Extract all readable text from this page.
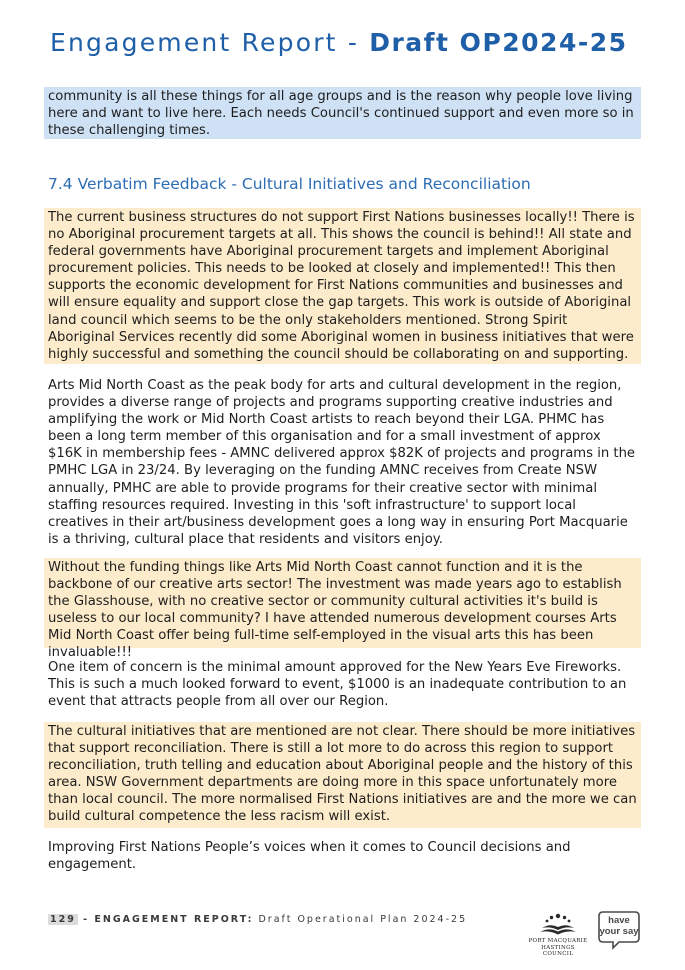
Engagement Report - Draft OP2024-25
community is all these things for all age groups and is the reason why people love living here and want to live here. Each needs Council's continued support and even more so in these challenging times.
7.4 Verbatim Feedback - Cultural Initiatives and Reconciliation
The current business structures do not support First Nations businesses locally!! There is no Aboriginal procurement targets at all. This shows the council is behind!! All state and federal governments have Aboriginal procurement targets and implement Aboriginal procurement policies. This needs to be looked at closely and implemented!! This then supports the economic development for First Nations communities and businesses and will ensure equality and support close the gap targets. This work is outside of Aboriginal land council which seems to be the only stakeholders mentioned. Strong Spirit Aboriginal Services recently did some Aboriginal women in business initiatives that were highly successful and something the council should be collaborating on and supporting.
Arts Mid North Coast as the peak body for arts and cultural development in the region, provides a diverse range of projects and programs supporting creative industries and amplifying the work or Mid North Coast artists to reach beyond their LGA. PHMC has been a long term member of this organisation and for a small investment of approx $16K in membership fees - AMNC delivered approx $82K of projects and programs in the PMHC LGA in 23/24. By leveraging on the funding AMNC receives from Create NSW annually, PMHC are able to provide programs for their creative sector with minimal staffing resources required. Investing in this 'soft infrastructure' to support local creatives in their art/business development goes a long way in ensuring Port Macquarie is a thriving, cultural place that residents and visitors enjoy.
Without the funding things like Arts Mid North Coast cannot function and it is the backbone of our creative arts sector! The investment was made years ago to establish the Glasshouse, with no creative sector or community cultural activities it's build is useless to our local community? I have attended numerous development courses Arts Mid North Coast offer being full-time self-employed in the visual arts this has been invaluable!!!
One item of concern is the minimal amount approved for the New Years Eve Fireworks. This is such a much looked forward to event, $1000 is an inadequate contribution to an event that attracts people from all over our Region.
The cultural initiatives that are mentioned are not clear. There should be more initiatives that support reconciliation. There is still a lot more to do across this region to support reconciliation, truth telling and education about Aboriginal people and the history of this area. NSW Government departments are doing more in this space unfortunately more than local council. The more normalised First Nations initiatives are and the more we can build cultural competence the less racism will exist.
Improving First Nations People’s voices when it comes to Council decisions and engagement.
129 - ENGAGEMENT REPORT: Draft Operational Plan 2024-25
PORT MACQUARIE
HASTINGS COUNCIL
have
your say
